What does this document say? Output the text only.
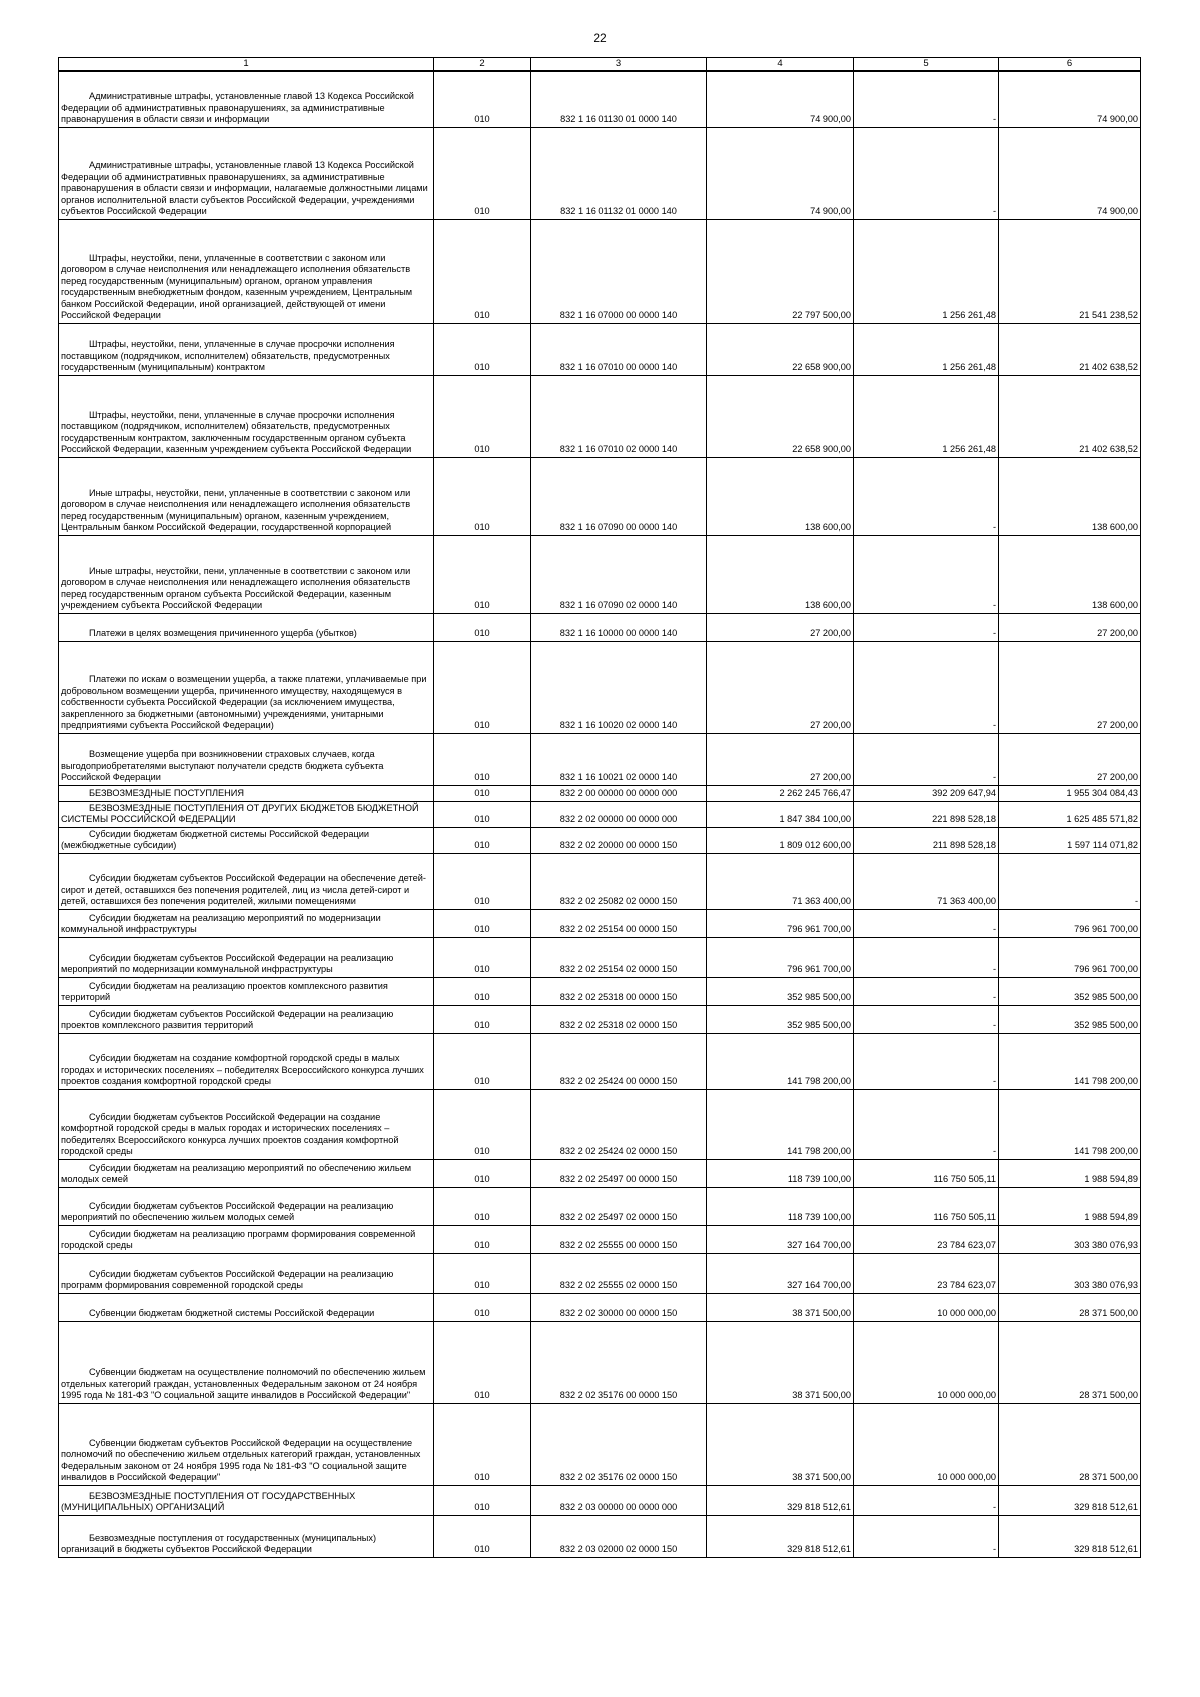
22
1	2	3	4	5	6

Административные штрафы, установленные главой 13 Кодекса Российской Федерации об административных правонарушениях, за административные правонарушения в области связи и информации	010	832 1 16 01130 01 0000 140	74 900,00	-	74 900,00

Административные штрафы, установленные главой 13 Кодекса Российской Федерации об административных правонарушениях, за административные правонарушения в области связи и информации, налагаемые должностными лицами органов исполнительной власти субъектов Российской Федерации, учреждениями субъектов Российской Федерации	010	832 1 16 01132 01 0000 140	74 900,00	-	74 900,00

Штрафы, неустойки, пени, уплаченные в соответствии с законом или договором в случае неисполнения или ненадлежащего исполнения обязательств перед государственным (муниципальным) органом, органом управления государственным внебюджетным фондом, казенным учреждением, Центральным банком Российской Федерации, иной организацией, действующей от имени Российской Федерации	010	832 1 16 07000 00 0000 140	22 797 500,00	1 256 261,48	21 541 238,52

Штрафы, неустойки, пени, уплаченные в случае просрочки исполнения поставщиком (подрядчиком, исполнителем) обязательств, предусмотренных государственным (муниципальным) контрактом	010	832 1 16 07010 00 0000 140	22 658 900,00	1 256 261,48	21 402 638,52

Штрафы, неустойки, пени, уплаченные в случае просрочки исполнения поставщиком (подрядчиком, исполнителем) обязательств, предусмотренных государственным контрактом, заключенным государственным органом субъекта Российской Федерации, казенным учреждением субъекта Российской Федерации	010	832 1 16 07010 02 0000 140	22 658 900,00	1 256 261,48	21 402 638,52

Иные штрафы, неустойки, пени, уплаченные в соответствии с законом или договором в случае неисполнения или ненадлежащего исполнения обязательств перед государственным (муниципальным) органом, казенным учреждением, Центральным банком Российской Федерации, государственной корпорацией	010	832 1 16 07090 00 0000 140	138 600,00	-	138 600,00

Иные штрафы, неустойки, пени, уплаченные в соответствии с законом или договором в случае неисполнения или ненадлежащего исполнения обязательств перед государственным органом субъекта Российской Федерации, казенным учреждением субъекта Российской Федерации	010	832 1 16 07090 02 0000 140	138 600,00	-	138 600,00

Платежи в целях возмещения причиненного ущерба (убытков)	010	832 1 16 10000 00 0000 140	27 200,00	-	27 200,00

Платежи по искам о возмещении ущерба, а также платежи, уплачиваемые при добровольном возмещении ущерба, причиненного имуществу, находящемуся в собственности субъекта Российской Федерации (за исключением имущества, закрепленного за бюджетными (автономными) учреждениями, унитарными предприятиями субъекта Российской Федерации)	010	832 1 16 10020 02 0000 140	27 200,00	-	27 200,00

Возмещение ущерба при возникновении страховых случаев, когда выгодоприобретателями выступают получатели средств бюджета субъекта Российской Федерации	010	832 1 16 10021 02 0000 140	27 200,00	-	27 200,00

БЕЗВОЗМЕЗДНЫЕ ПОСТУПЛЕНИЯ	010	832 2 00 00000 00 0000 000	2 262 245 766,47	392 209 647,94	1 955 304 084,43

БЕЗВОЗМЕЗДНЫЕ ПОСТУПЛЕНИЯ ОТ ДРУГИХ БЮДЖЕТОВ БЮДЖЕТНОЙ СИСТЕМЫ РОССИЙСКОЙ ФЕДЕРАЦИИ	010	832 2 02 00000 00 0000 000	1 847 384 100,00	221 898 528,18	1 625 485 571,82

Субсидии бюджетам бюджетной системы Российской Федерации (межбюджетные субсидии)	010	832 2 02 20000 00 0000 150	1 809 012 600,00	211 898 528,18	1 597 114 071,82

Субсидии бюджетам субъектов Российской Федерации на обеспечение детей-сирот и детей, оставшихся без попечения родителей, лиц из числа детей-сирот и детей, оставшихся без попечения родителей, жилыми помещениями	010	832 2 02 25082 02 0000 150	71 363 400,00	71 363 400,00	-

Субсидии бюджетам на реализацию мероприятий по модернизации коммунальной инфраструктуры	010	832 2 02 25154 00 0000 150	796 961 700,00	-	796 961 700,00

Субсидии бюджетам субъектов Российской Федерации на реализацию мероприятий по модернизации коммунальной инфраструктуры	010	832 2 02 25154 02 0000 150	796 961 700,00	-	796 961 700,00

Субсидии бюджетам на реализацию проектов комплексного развития территорий	010	832 2 02 25318 00 0000 150	352 985 500,00	-	352 985 500,00

Субсидии бюджетам субъектов Российской Федерации на реализацию проектов комплексного развития территорий	010	832 2 02 25318 02 0000 150	352 985 500,00	-	352 985 500,00

Субсидии бюджетам на создание комфортной городской среды в малых городах и исторических поселениях – победителях Всероссийского конкурса лучших проектов создания комфортной городской среды	010	832 2 02 25424 00 0000 150	141 798 200,00	-	141 798 200,00

Субсидии бюджетам субъектов Российской Федерации на создание комфортной городской среды в малых городах и исторических поселениях – победителях Всероссийского конкурса лучших проектов создания комфортной городской среды	010	832 2 02 25424 02 0000 150	141 798 200,00	-	141 798 200,00

Субсидии бюджетам на реализацию мероприятий по обеспечению жильем молодых семей	010	832 2 02 25497 00 0000 150	118 739 100,00	116 750 505,11	1 988 594,89

Субсидии бюджетам субъектов Российской Федерации на реализацию мероприятий по обеспечению жильем молодых семей	010	832 2 02 25497 02 0000 150	118 739 100,00	116 750 505,11	1 988 594,89

Субсидии бюджетам на реализацию программ формирования современной городской среды	010	832 2 02 25555 00 0000 150	327 164 700,00	23 784 623,07	303 380 076,93

Субсидии бюджетам субъектов Российской Федерации на реализацию программ формирования современной городской среды	010	832 2 02 25555 02 0000 150	327 164 700,00	23 784 623,07	303 380 076,93

Субвенции бюджетам бюджетной системы Российской Федерации	010	832 2 02 30000 00 0000 150	38 371 500,00	10 000 000,00	28 371 500,00

Субвенции бюджетам на осуществление полномочий по обеспечению жильем отдельных категорий граждан, установленных Федеральным законом от 24 ноября 1995 года № 181-ФЗ "О социальной защите инвалидов в Российской Федерации"	010	832 2 02 35176 00 0000 150	38 371 500,00	10 000 000,00	28 371 500,00

Субвенции бюджетам субъектов Российской Федерации на осуществление полномочий по обеспечению жильем отдельных категорий граждан, установленных Федеральным законом от 24 ноября 1995 года № 181-ФЗ "О социальной защите инвалидов в Российской Федерации"	010	832 2 02 35176 02 0000 150	38 371 500,00	10 000 000,00	28 371 500,00

БЕЗВОЗМЕЗДНЫЕ ПОСТУПЛЕНИЯ ОТ ГОСУДАРСТВЕННЫХ (МУНИЦИПАЛЬНЫХ) ОРГАНИЗАЦИЙ	010	832 2 03 00000 00 0000 000	329 818 512,61	-	329 818 512,61

Безвозмездные поступления от государственных (муниципальных) организаций в бюджеты субъектов Российской Федерации	010	832 2 03 02000 02 0000 150	329 818 512,61	-	329 818 512,61
